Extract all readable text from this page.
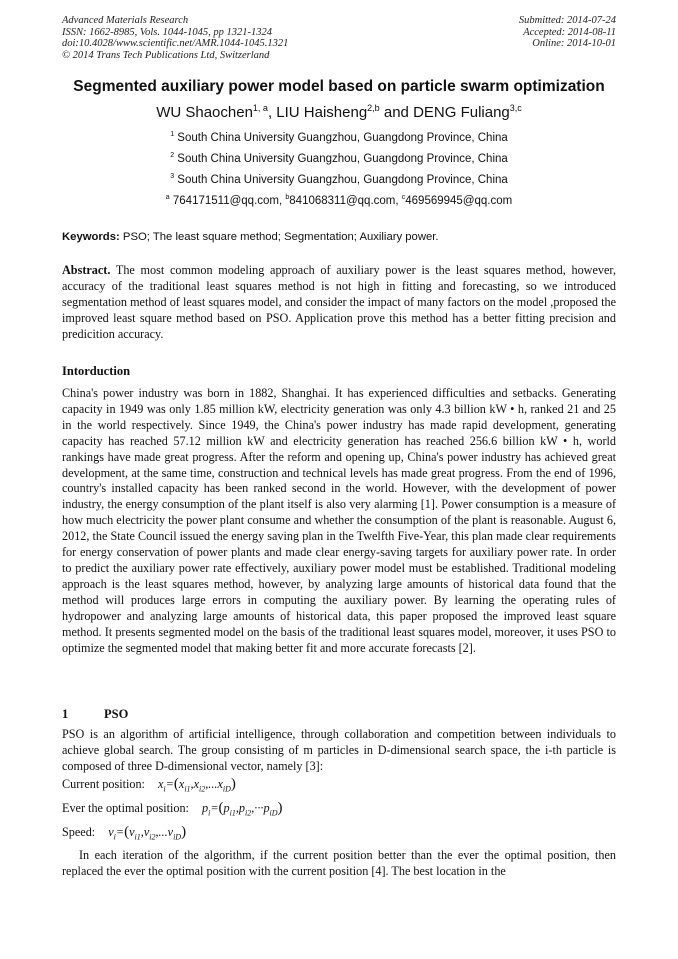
Advanced Materials Research
ISSN: 1662-8985, Vols. 1044-1045, pp 1321-1324
doi:10.4028/www.scientific.net/AMR.1044-1045.1321
© 2014 Trans Tech Publications Ltd, Switzerland
Submitted: 2014-07-24
Accepted: 2014-08-11
Online: 2014-10-01
Segmented auxiliary power model based on particle swarm optimization
WU Shaochen$^{1, a}$, LIU Haisheng$^{2,b}$ and DENG Fuliang$^{3,c}$
$^1$ South China University Guangzhou, Guangdong Province, China
$^2$ South China University Guangzhou, Guangdong Province, China
$^3$ South China University Guangzhou, Guangdong Province, China
$^a$ 764171511@qq.com, $^b$841068311@qq.com, $^c$469569945@qq.com
Keywords: PSO; The least square method; Segmentation; Auxiliary power.
Abstract. The most common modeling approach of auxiliary power is the least squares method, however, accuracy of the traditional least squares method is not high in fitting and forecasting, so we introduced segmentation method of least squares model, and consider the impact of many factors on the model ,proposed the improved least square method based on PSO. Application prove this method has a better fitting precision and predicition accuracy.
Intorduction
China's power industry was born in 1882, Shanghai. It has experienced difficulties and setbacks. Generating capacity in 1949 was only 1.85 million kW, electricity generation was only 4.3 billion kW • h, ranked 21 and 25 in the world respectively. Since 1949, the China's power industry has made rapid development, generating capacity has reached 57.12 million kW and electricity generation has reached 256.6 billion kW • h, world rankings have made great progress. After the reform and opening up, China's power industry has achieved great development, at the same time, construction and technical levels has made great progress. From the end of 1996, country's installed capacity has been ranked second in the world. However, with the development of power industry, the energy consumption of the plant itself is also very alarming [1]. Power consumption is a measure of how much electricity the power plant consume and whether the consumption of the plant is reasonable. August 6, 2012, the State Council issued the energy saving plan in the Twelfth Five-Year, this plan made clear requirements for energy conservation of power plants and made clear energy-saving targets for auxiliary power rate. In order to predict the auxiliary power rate effectively, auxiliary power model must be established. Traditional modeling approach is the least squares method, however, by analyzing large amounts of historical data found that the method will produces large errors in computing the auxiliary power. By learning the operating rules of hydropower and analyzing large amounts of historical data, this paper proposed the improved least square method. It presents segmented model on the basis of the traditional least squares model, moreover, it uses PSO to optimize the segmented model that making better fit and more accurate forecasts [2].
1	PSO
PSO is an algorithm of artificial intelligence, through collaboration and competition between individuals to achieve global search. The group consisting of m particles in D-dimensional search space, the i-th particle is composed of three D-dimensional vector, namely [3]:
Current position: $x_i=(x_{i1},x_{i2},...x_{iD})$
Ever the optimal position: $p_i=(p_{i1},p_{i2},\cdot\cdot\cdot p_{iD})$
Speed: $v_i=(v_{i1},v_{i2},...v_{iD})$
In each iteration of the algorithm, if the current position better than the ever the optimal position, then replaced the ever the optimal position with the current position [4]. The best location in the
